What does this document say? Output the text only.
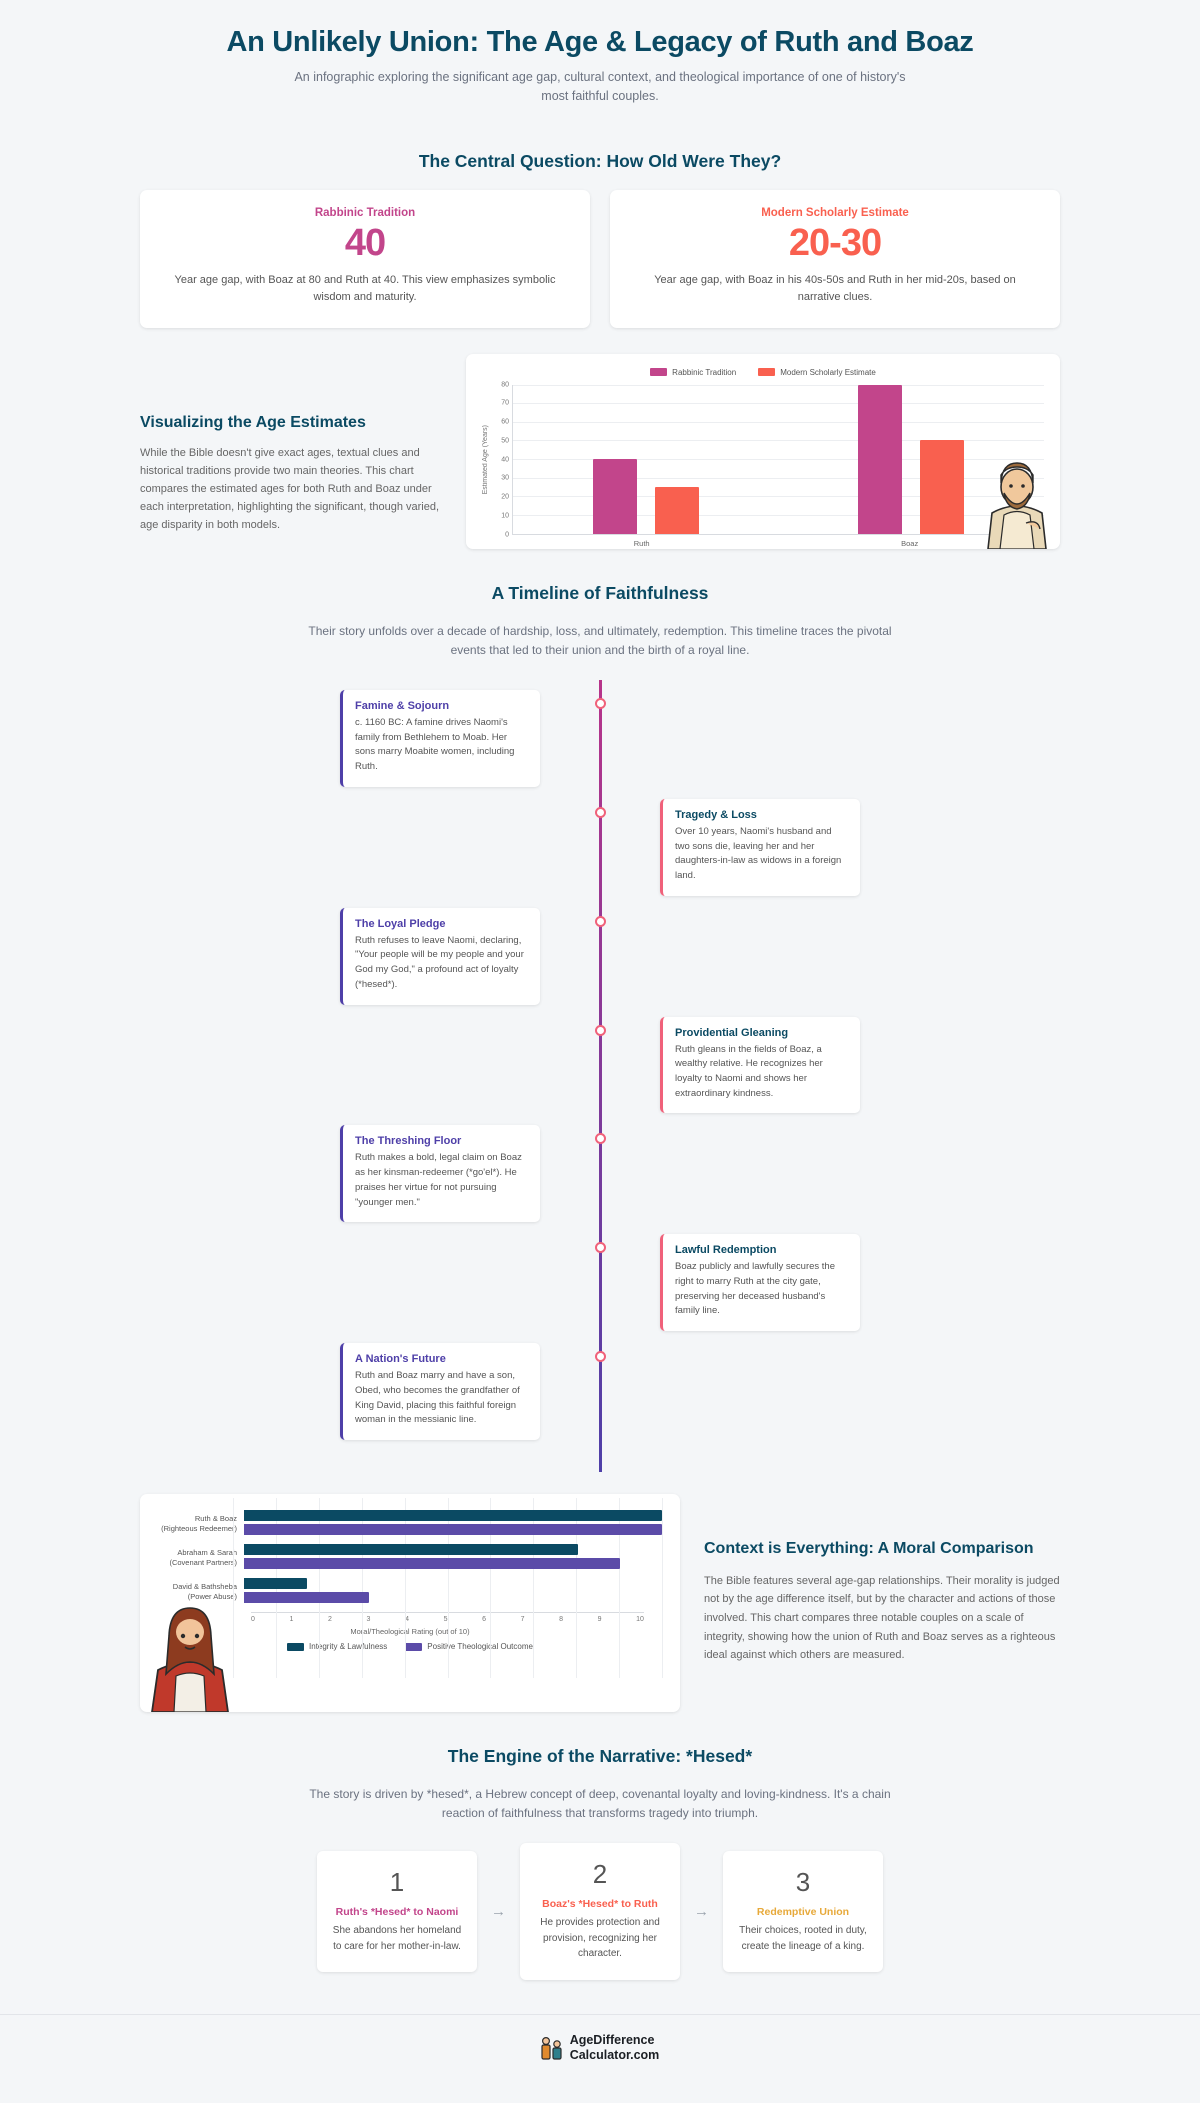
An Unlikely Union: The Age & Legacy of Ruth and Boaz

An infographic exploring the significant age gap, cultural context, and theological importance of one of history's most faithful couples.

The Central Question: How Old Were They?
Rabbinic Tradition
40
Year age gap, with Boaz at 80 and Ruth at 40. This view emphasizes symbolic wisdom and maturity.
Modern Scholarly Estimate
20-30
Year age gap, with Boaz in his 40s-50s and Ruth in her mid-20s, based on narrative clues.
Visualizing the Age Estimates

While the Bible doesn't give exact ages, textual clues and historical traditions provide two main theories. This chart compares the estimated ages for both Ruth and Boaz under each interpretation, highlighting the significant, though varied, age disparity in both models.

Rabbinic Tradition	Modern Scholarly Estimate
Estimated Age (Years)
80
70
60
50
40
30
20
10
0
Ruth	Boaz
A Timeline of Faithfulness
Their story unfolds over a decade of hardship, loss, and ultimately, redemption. This timeline traces the pivotal events that led to their union and the birth of a royal line.
Famine & Sojourn

c. 1160 BC: A famine drives Naomi's family from Bethlehem to Moab. Her sons marry Moabite women, including Ruth.

Tragedy & Loss

Over 10 years, Naomi's husband and two sons die, leaving her and her daughters-in-law as widows in a foreign land.

The Loyal Pledge

Ruth refuses to leave Naomi, declaring, "Your people will be my people and your God my God," a profound act of loyalty (*hesed*).

Providential Gleaning

Ruth gleans in the fields of Boaz, a wealthy relative. He recognizes her loyalty to Naomi and shows her extraordinary kindness.

The Threshing Floor

Ruth makes a bold, legal claim on Boaz as her kinsman-redeemer (*go'el*). He praises her virtue for not pursuing "younger men."

Lawful Redemption

Boaz publicly and lawfully secures the right to marry Ruth at the city gate, preserving her deceased husband's family line.

A Nation's Future

Ruth and Boaz marry and have a son, Obed, who becomes the grandfather of King David, placing this faithful foreign woman in the messianic line.

Ruth & Boaz (Righteous Redeemer)
Abraham & Sarah (Covenant Partners)
David & Bathsheba (Power Abuse)
0	1	2	3	4	5	6	7	8	9	10
Moral/Theological Rating (out of 10)
Integrity & Lawfulness	Positive Theological Outcome
Context is Everything: A Moral Comparison

The Bible features several age-gap relationships. Their morality is judged not by the age difference itself, but by the character and actions of those involved. This chart compares three notable couples on a scale of integrity, showing how the union of Ruth and Boaz serves as a righteous ideal against which others are measured.

The Engine of the Narrative: *Hesed*
The story is driven by *hesed*, a Hebrew concept of deep, covenantal loyalty and loving-kindness. It's a chain reaction of faithfulness that transforms tragedy into triumph.
1
Ruth's *Hesed* to Naomi
She abandons her homeland to care for her mother-in-law.
→
2
Boaz's *Hesed* to Ruth
He provides protection and provision, recognizing her character.
→
3
Redemptive Union
Their choices, rooted in duty, create the lineage of a king.
AgeDifference
Calculator.com
